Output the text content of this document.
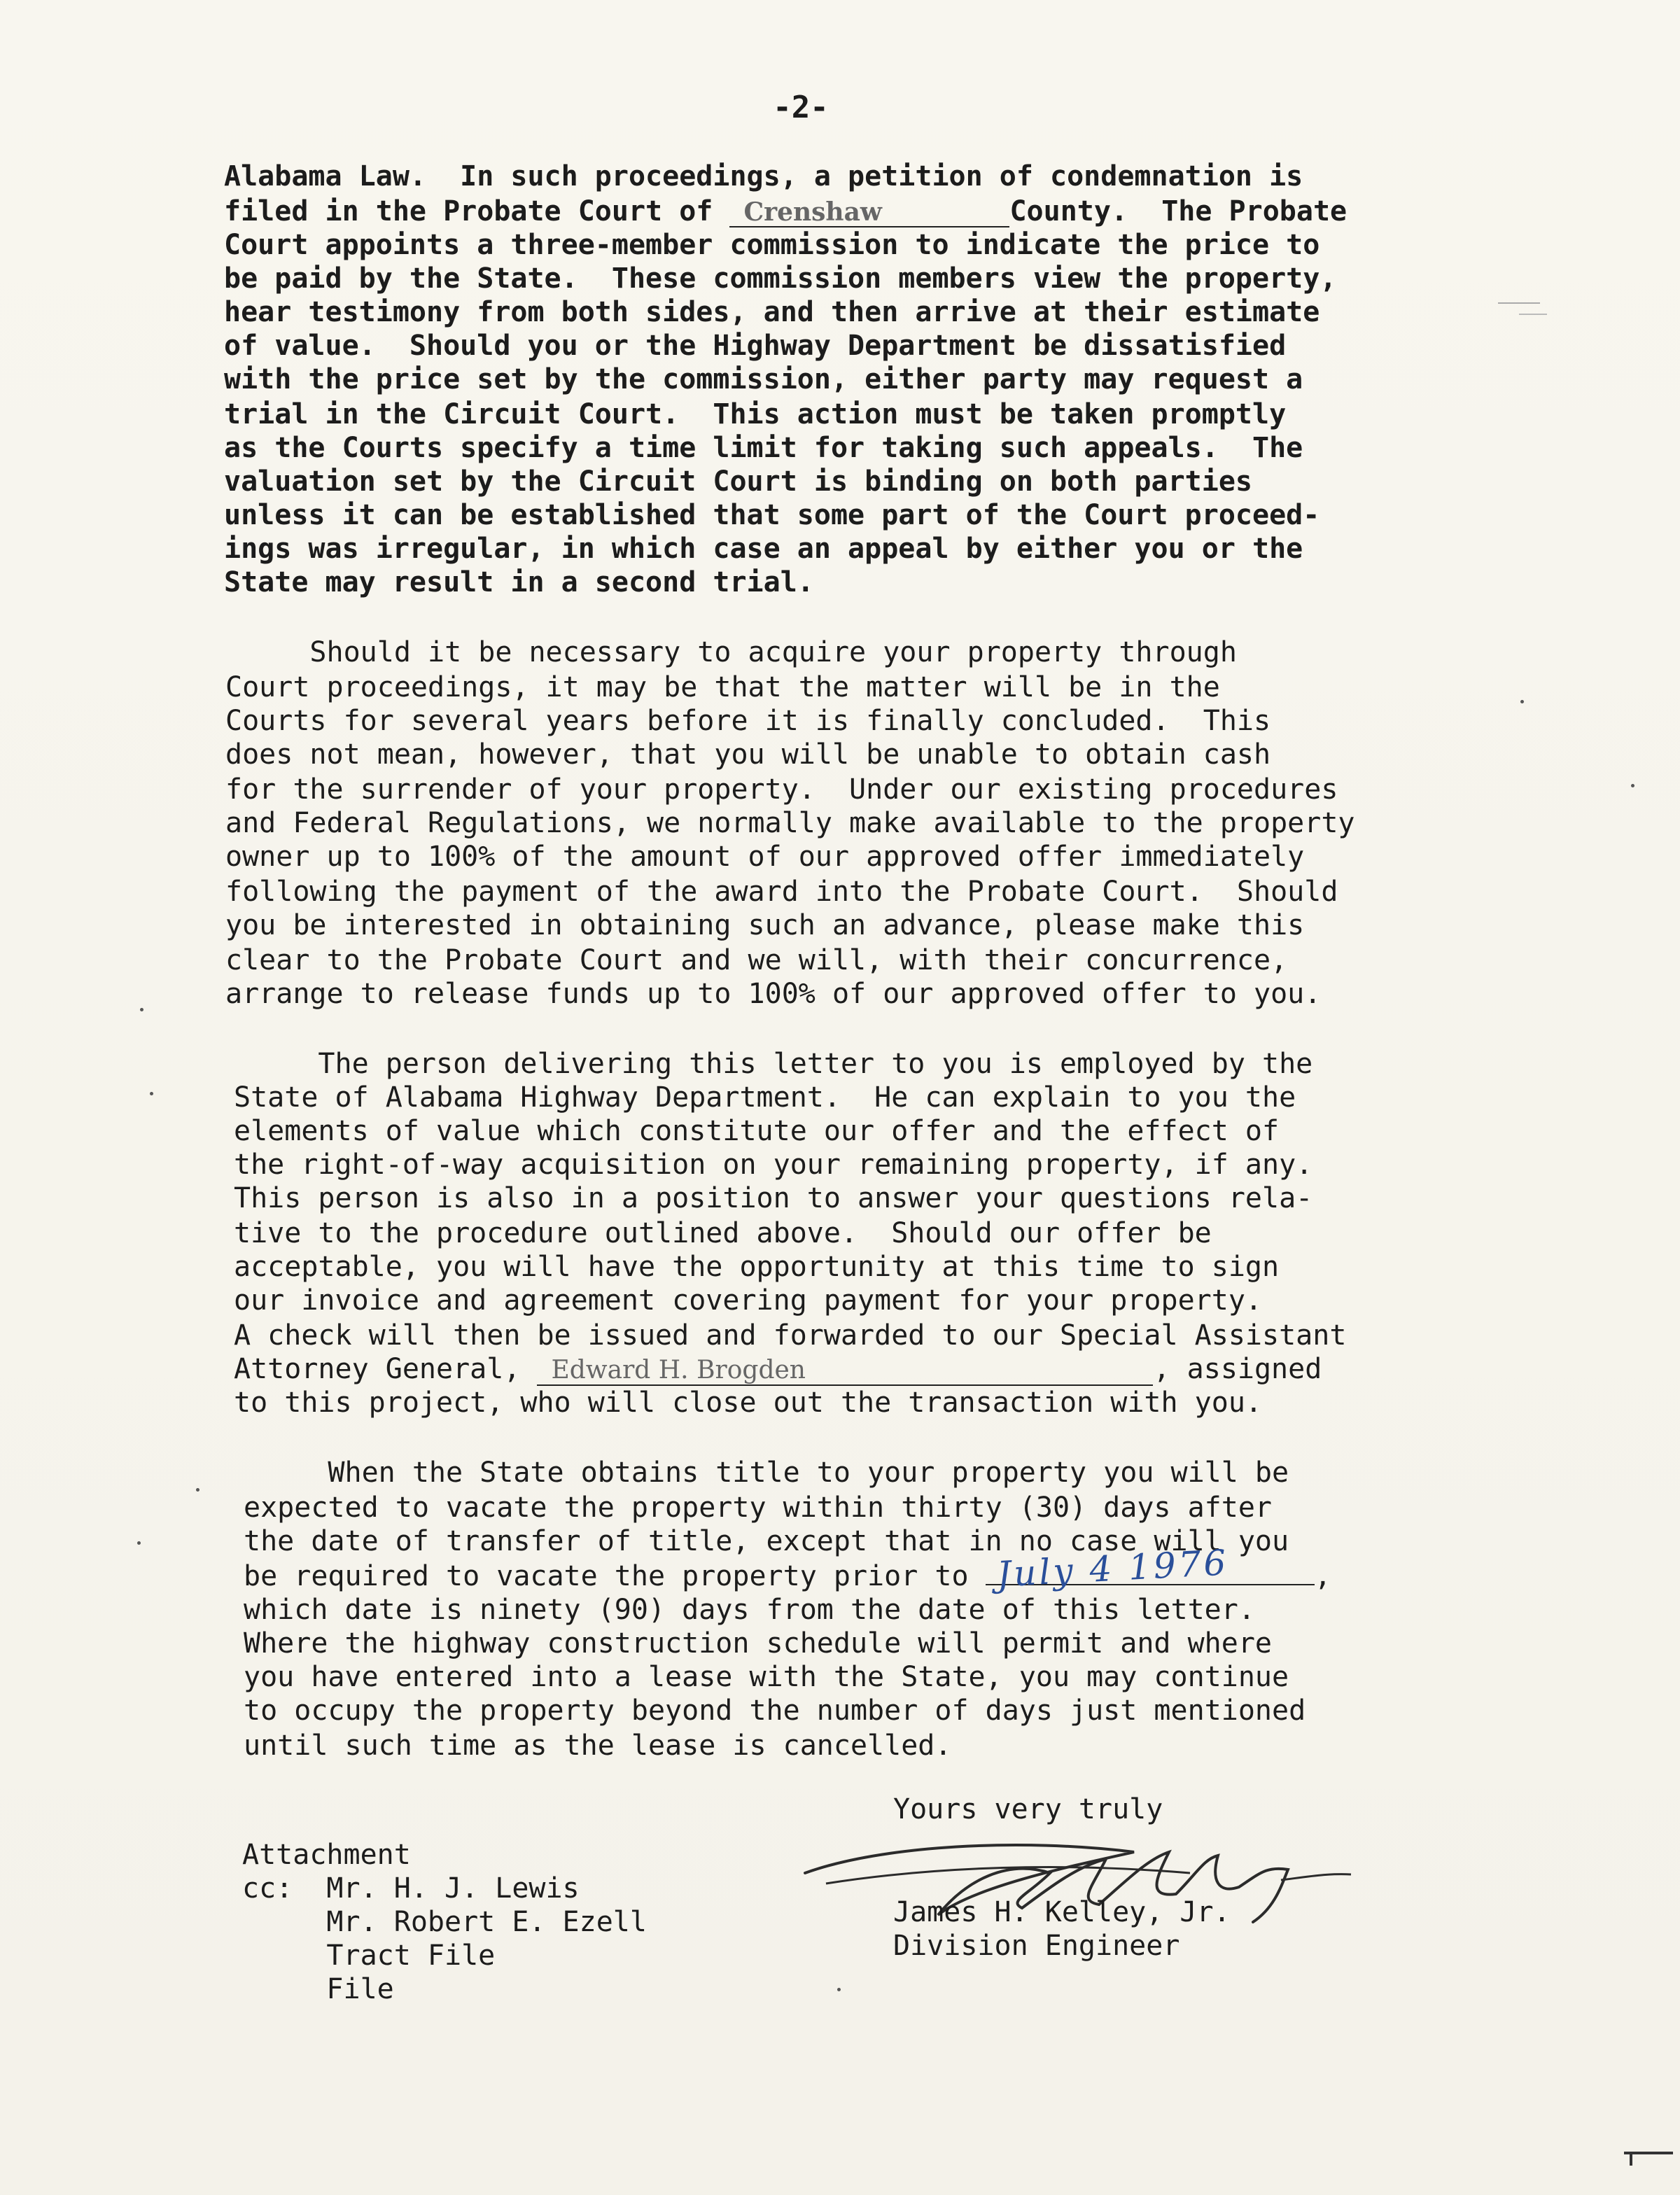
-2-
Alabama Law.  In such proceedings, a petition of condemnation is
filed in the Probate Court of Crenshaw	County.  The Probate
Court appoints a three-member commission to indicate the price to
be paid by the State.  These commission members view the property,
hear testimony from both sides, and then arrive at their estimate
of value.  Should you or the Highway Department be dissatisfied
with the price set by the commission, either party may request a
trial in the Circuit Court.  This action must be taken promptly
as the Courts specify a time limit for taking such appeals.  The
valuation set by the Circuit Court is binding on both parties
unless it can be established that some part of the Court proceed-
ings was irregular, in which case an appeal by either you or the
State may result in a second trial.
Should it be necessary to acquire your property through
Court proceedings, it may be that the matter will be in the
Courts for several years before it is finally concluded.  This
does not mean, however, that you will be unable to obtain cash
for the surrender of your property.  Under our existing procedures
and Federal Regulations, we normally make available to the property
owner up to 100% of the amount of our approved offer immediately
following the payment of the award into the Probate Court.  Should
you be interested in obtaining such an advance, please make this
clear to the Probate Court and we will, with their concurrence,
arrange to release funds up to 100% of our approved offer to you.
The person delivering this letter to you is employed by the
State of Alabama Highway Department.  He can explain to you the
elements of value which constitute our offer and the effect of
the right-of-way acquisition on your remaining property, if any.
This person is also in a position to answer your questions rela-
tive to the procedure outlined above.  Should our offer be
acceptable, you will have the opportunity at this time to sign
our invoice and agreement covering payment for your property.
A check will then be issued and forwarded to our Special Assistant
Attorney General, Edward H. Brogden	, assigned
to this project, who will close out the transaction with you.
When the State obtains title to your property you will be
expected to vacate the property within thirty (30) days after
the date of transfer of title, except that in no case will you
be required to vacate the property prior to July 4 1976	,
which date is ninety (90) days from the date of this letter.
Where the highway construction schedule will permit and where
you have entered into a lease with the State, you may continue
to occupy the property beyond the number of days just mentioned
until such time as the lease is cancelled.
Yours very truly
James H. Kelley, Jr.
Division Engineer
Attachment
cc:  Mr. H. J. Lewis
Mr. Robert E. Ezell
Tract File
File
